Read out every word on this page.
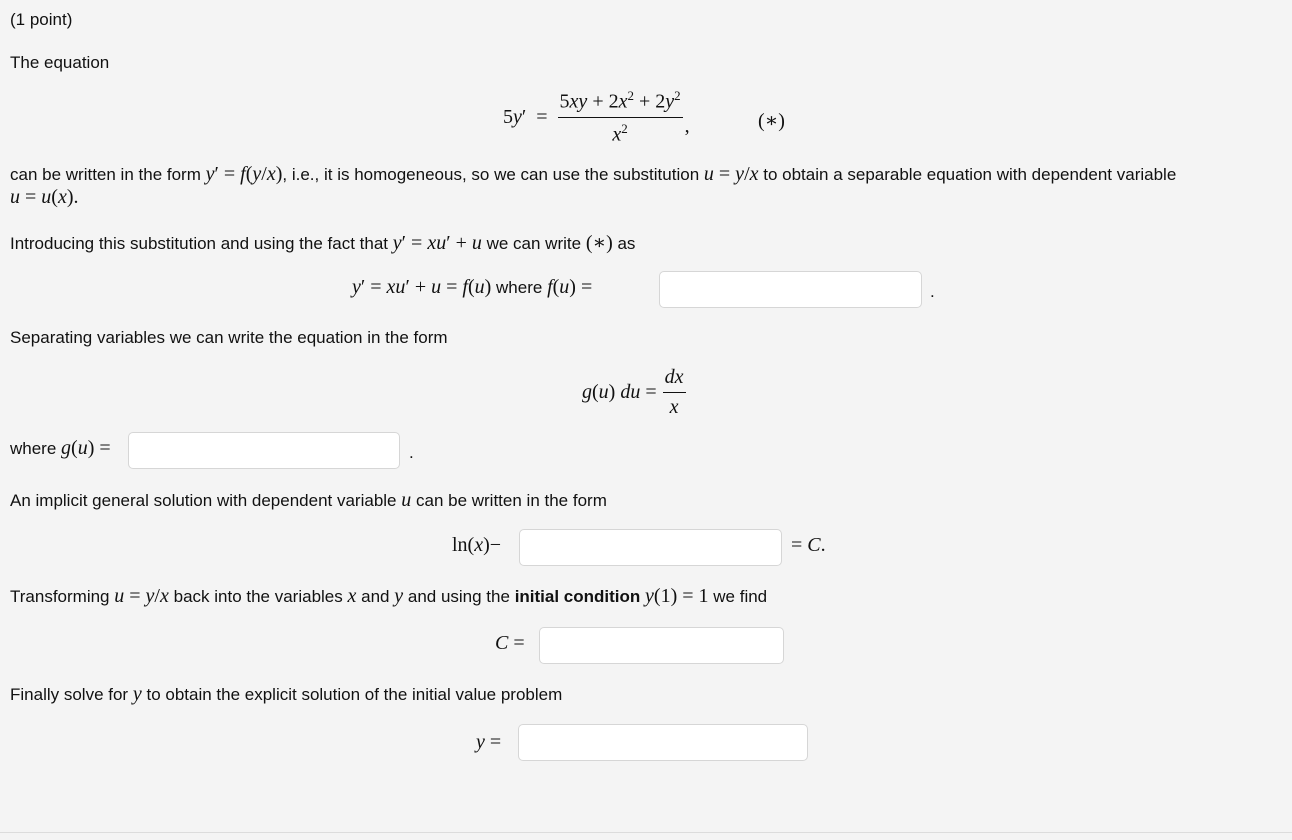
(1 point)
The equation
$5y' = \frac{5xy + 2x^2 + 2y^2}{x^2}$ ,	(∗)
can be written in the form y′ = f(y/x), i.e., it is homogeneous, so we can use the substitution u = y/x to obtain a separable equation with dependent variable
u = u(x).
Introducing this substitution and using the fact that y′ = xu′ + u we can write (∗) as
y′ = xu′ + u = f(u) where f(u) =	.
Separating variables we can write the equation in the form
g(u) du = $\frac{dx}{x}$
where g(u) =	.
An implicit general solution with dependent variable u can be written in the form
ln(x)−	= C.
Transforming u = y/x back into the variables x and y and using the initial condition y(1) = 1 we find
C =
Finally solve for y to obtain the explicit solution of the initial value problem
y =
